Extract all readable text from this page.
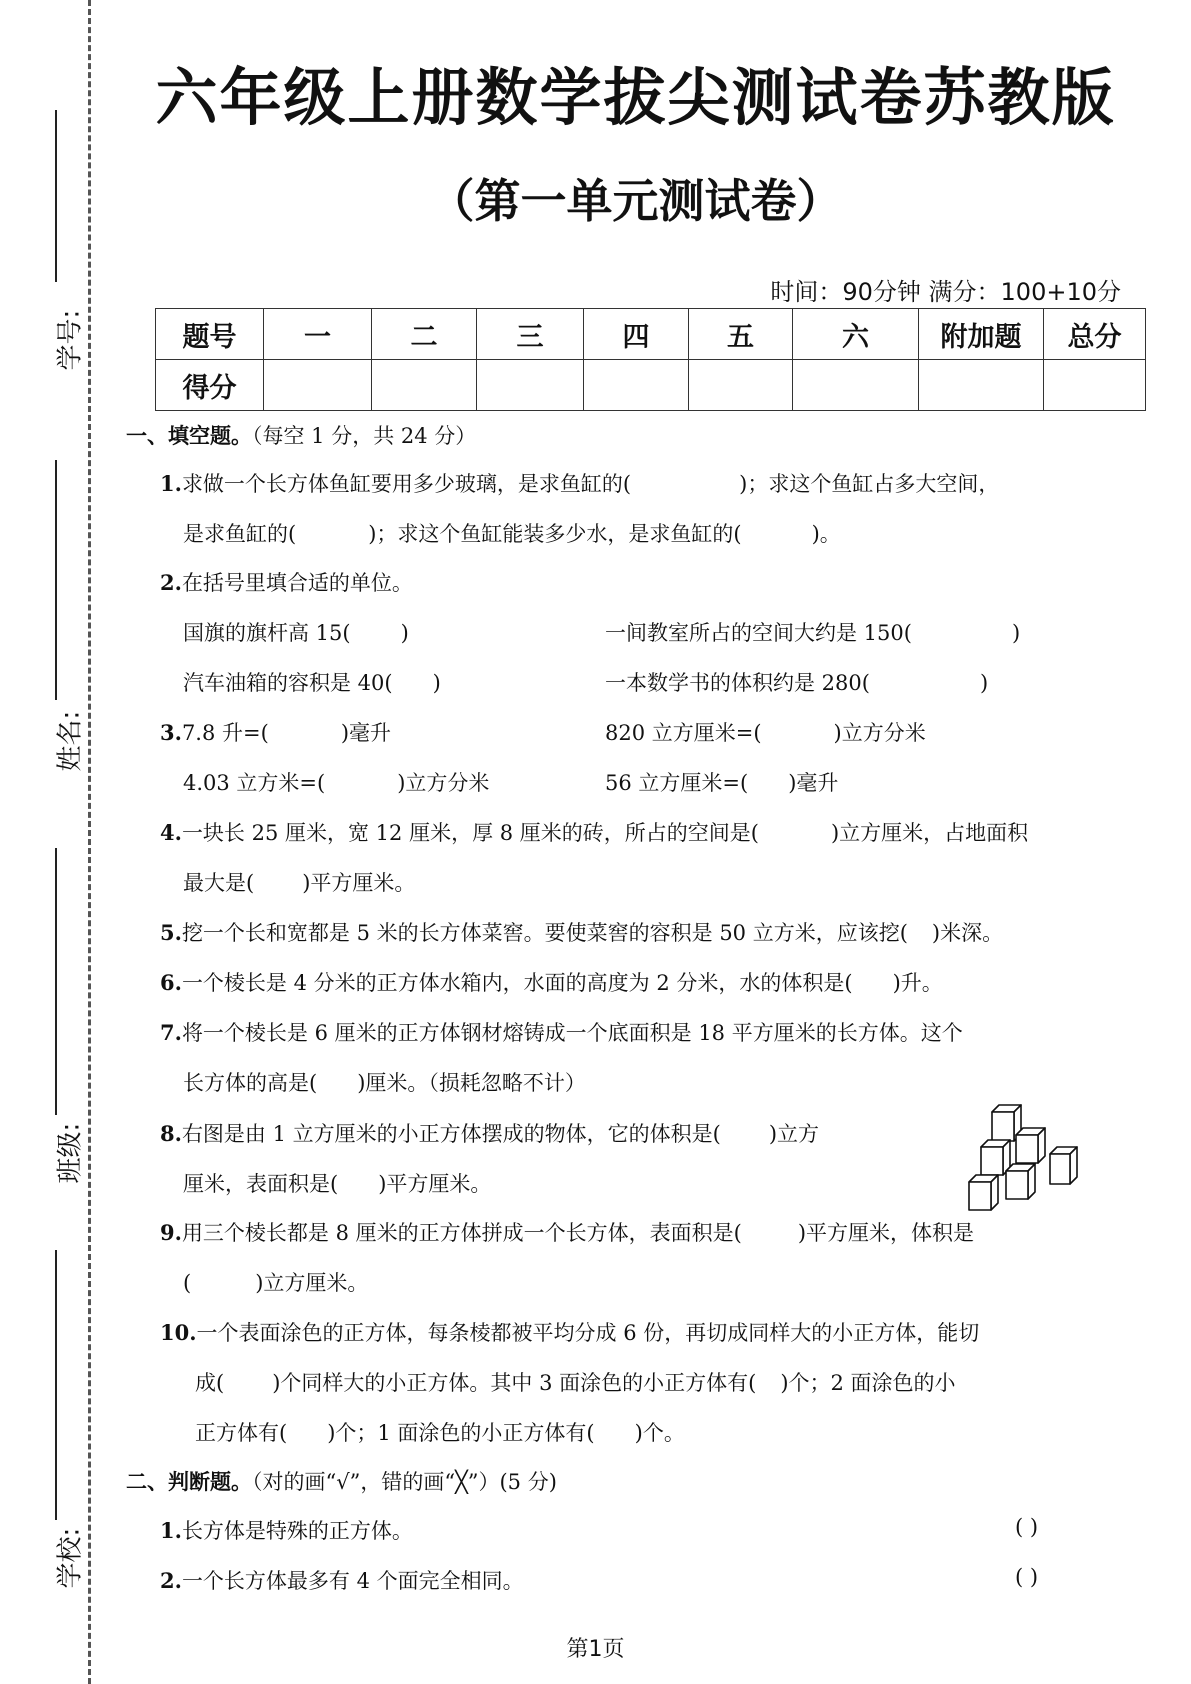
学号:
姓名:
班级:
学校:
六年级上册数学拔尖测试卷苏教版
（第一单元测试卷）
时间：90分钟 满分：100+10分
题号	一	二	三	四	五	六	附加题	总分
得分								
一、填空题。（每空 1 分，共 24 分）
1.求做一个长方体鱼缸要用多少玻璃，是求鱼缸的(	)；求这个鱼缸占多大空间，
是求鱼缸的(	)；求这个鱼缸能装多少水，是求鱼缸的(	)。
2.在括号里填合适的单位。
国旗的旗杆高 15( )	一间教室所占的空间大约是 150(	)
汽车油箱的容积是 40( )	一本数学书的体积约是 280(	)
3.7.8 升=(	)毫升	820 立方厘米=(	)立方分米
4.03 立方米=(	)立方分米	56 立方厘米=( )毫升
4.一块长 25 厘米，宽 12 厘米，厚 8 厘米的砖，所占的空间是(	)立方厘米，占地面积
最大是( )平方厘米。
5.挖一个长和宽都是 5 米的长方体菜窖。要使菜窖的容积是 50 立方米，应该挖( )米深。
6.一个棱长是 4 分米的正方体水箱内，水面的高度为 2 分米，水的体积是( )升。
7.将一个棱长是 6 厘米的正方体钢材熔铸成一个底面积是 18 平方厘米的长方体。这个
长方体的高是( )厘米。（损耗忽略不计）
8.右图是由 1 立方厘米的小正方体摆成的物体，它的体积是( )立方
厘米，表面积是( )平方厘米。
9.用三个棱长都是 8 厘米的正方体拼成一个长方体，表面积是(	)平方厘米，体积是
(	)立方厘米。
10.一个表面涂色的正方体，每条棱都被平均分成 6 份，再切成同样大的小正方体，能切
成( )个同样大的小正方体。其中 3 面涂色的小正方体有( )个；2 面涂色的小
正方体有( )个；1 面涂色的小正方体有( )个。
二、判断题。（对的画“√”，错的画“╳”）(5 分)
1.长方体是特殊的正方体。	( )
2.一个长方体最多有 4 个面完全相同。	( )
第1页
